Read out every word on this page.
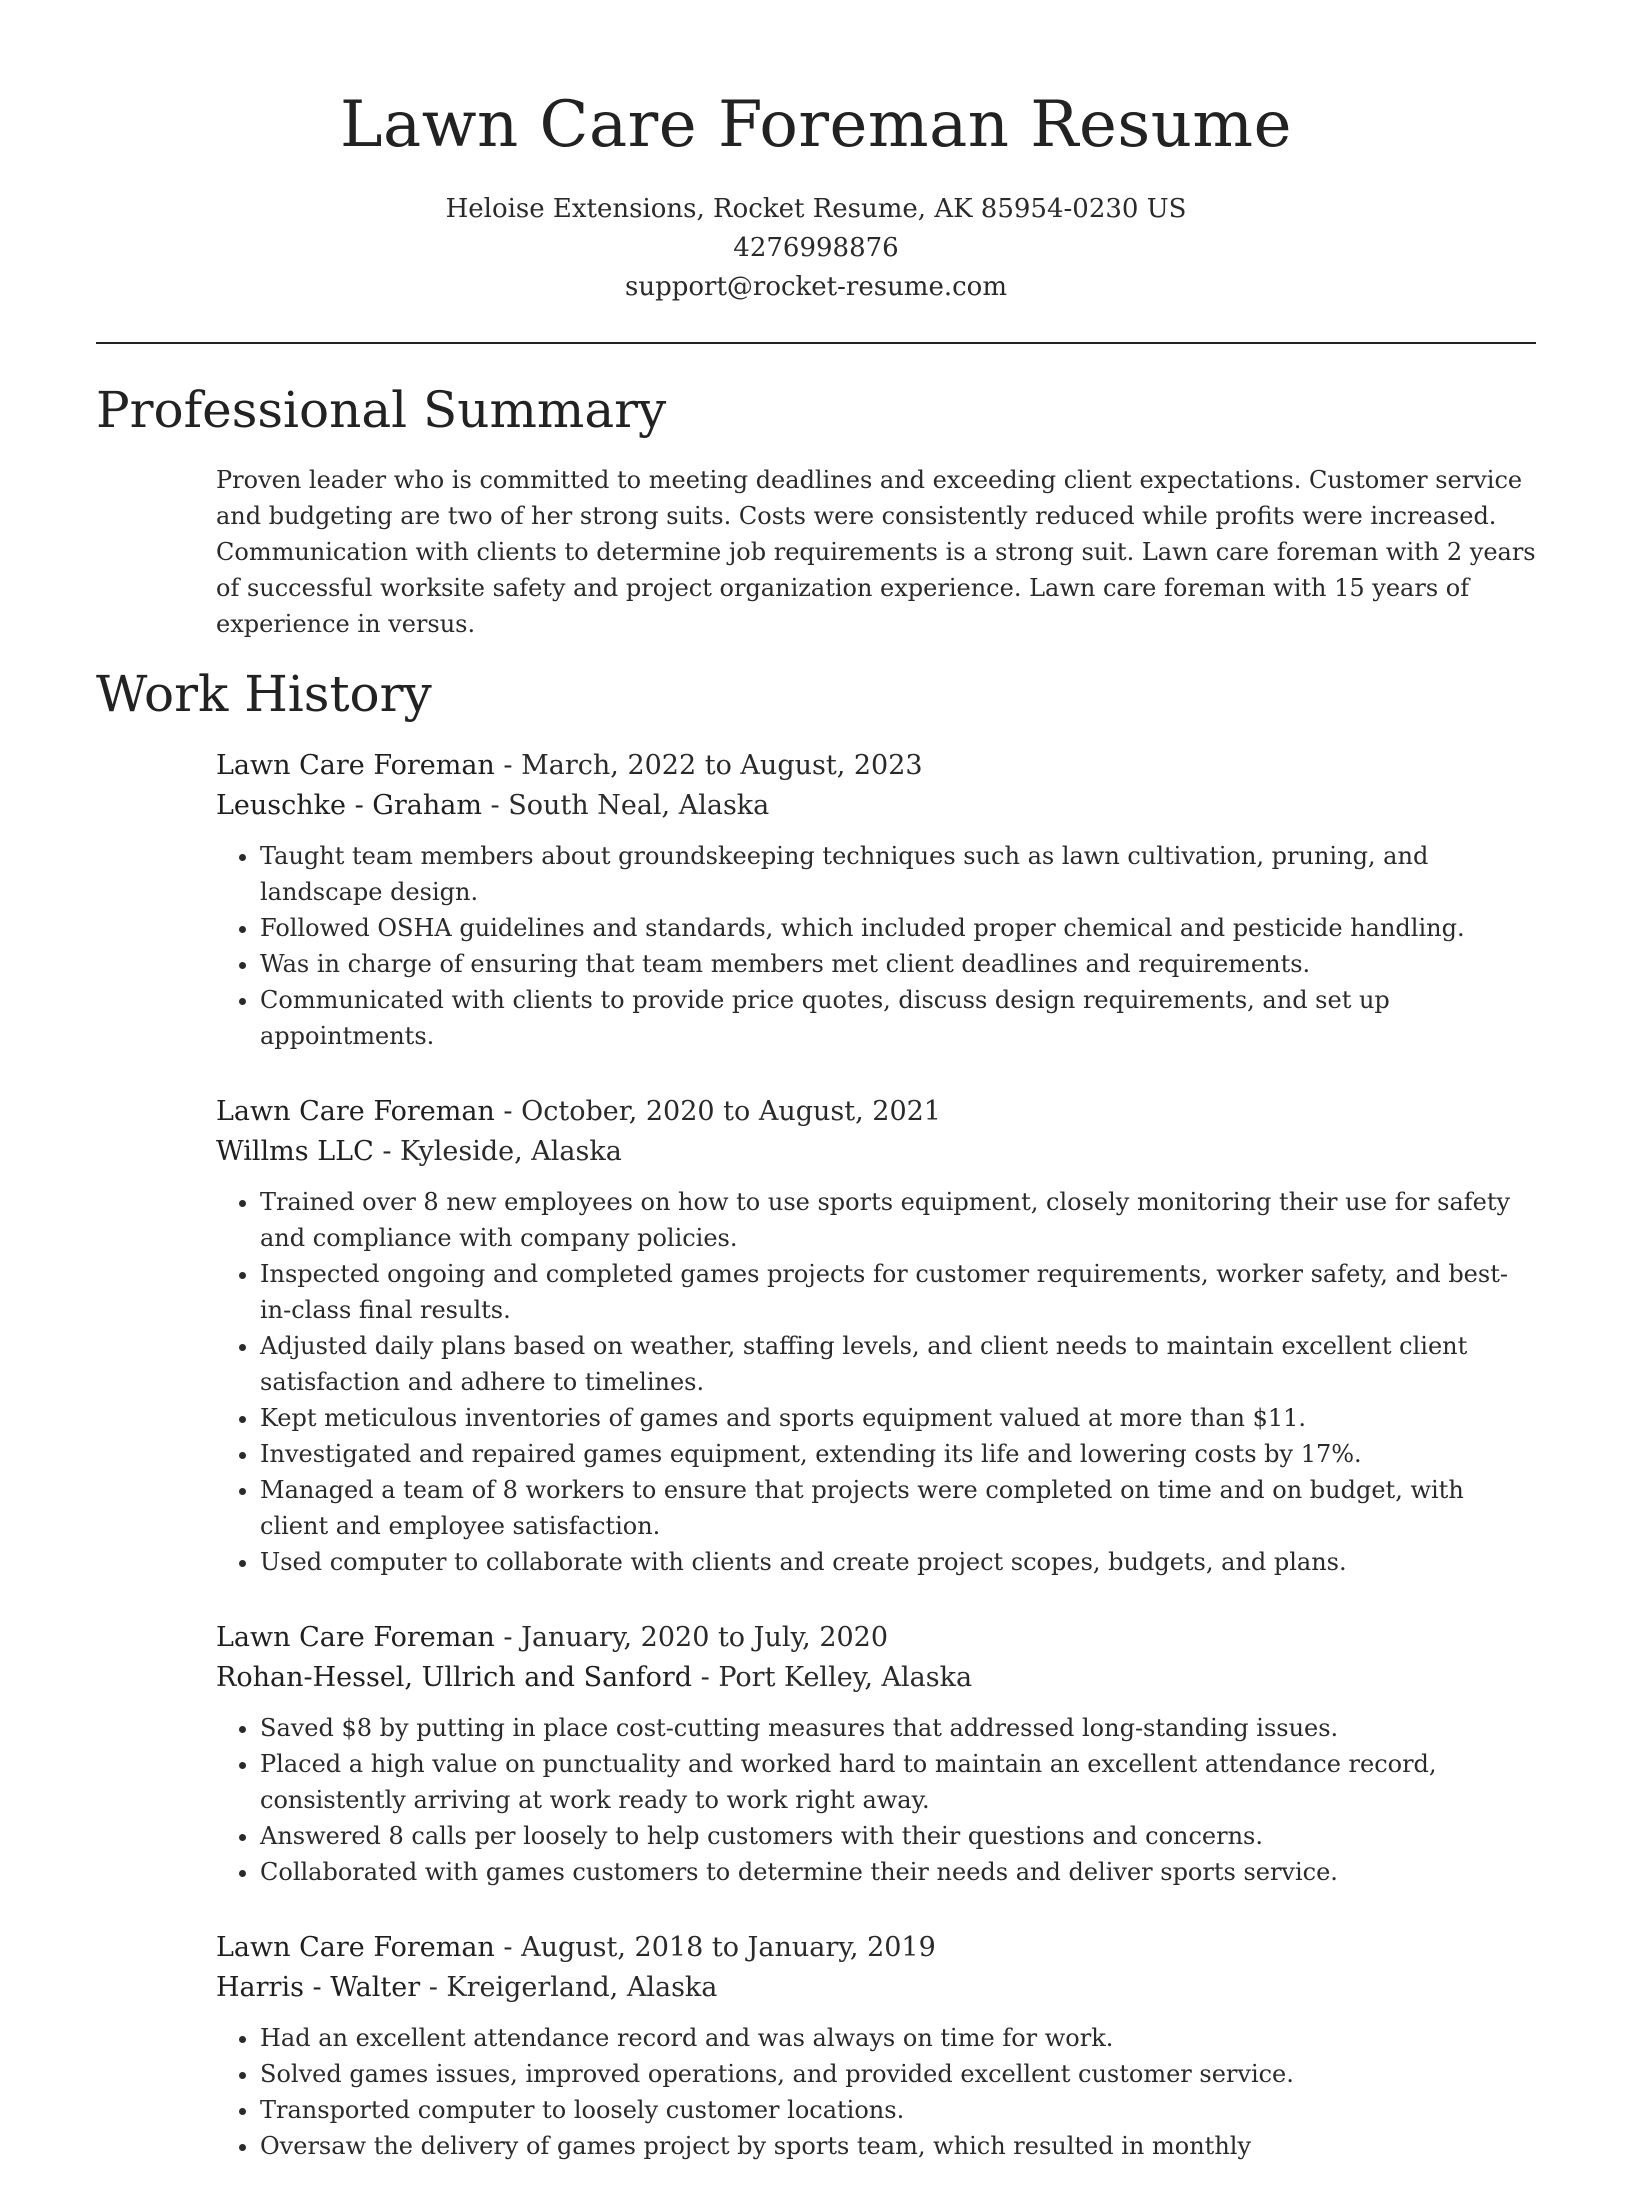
Lawn Care Foreman Resume
Heloise Extensions, Rocket Resume, AK 85954-0230 US
4276998876
support@rocket-resume.com
Professional Summary
Proven leader who is committed to meeting deadlines and exceeding client expectations. Customer service and budgeting are two of her strong suits. Costs were consistently reduced while profits were increased. Communication with clients to determine job requirements is a strong suit. Lawn care foreman with 2 years of successful worksite safety and project organization experience. Lawn care foreman with 15 years of experience in versus.
Work History
Lawn Care Foreman - March, 2022 to August, 2023
Leuschke - Graham - South Neal, Alaska
• Taught team members about groundskeeping techniques such as lawn cultivation, pruning, and landscape design.
• Followed OSHA guidelines and standards, which included proper chemical and pesticide handling.
• Was in charge of ensuring that team members met client deadlines and requirements.
• Communicated with clients to provide price quotes, discuss design requirements, and set up appointments.
Lawn Care Foreman - October, 2020 to August, 2021
Willms LLC - Kyleside, Alaska
• Trained over 8 new employees on how to use sports equipment, closely monitoring their use for safety and compliance with company policies.
• Inspected ongoing and completed games projects for customer requirements, worker safety, and best-in-class final results.
• Adjusted daily plans based on weather, staffing levels, and client needs to maintain excellent client satisfaction and adhere to timelines.
• Kept meticulous inventories of games and sports equipment valued at more than $11.
• Investigated and repaired games equipment, extending its life and lowering costs by 17%.
• Managed a team of 8 workers to ensure that projects were completed on time and on budget, with client and employee satisfaction.
• Used computer to collaborate with clients and create project scopes, budgets, and plans.
Lawn Care Foreman - January, 2020 to July, 2020
Rohan-Hessel, Ullrich and Sanford - Port Kelley, Alaska
• Saved $8 by putting in place cost-cutting measures that addressed long-standing issues.
• Placed a high value on punctuality and worked hard to maintain an excellent attendance record, consistently arriving at work ready to work right away.
• Answered 8 calls per loosely to help customers with their questions and concerns.
• Collaborated with games customers to determine their needs and deliver sports service.
Lawn Care Foreman - August, 2018 to January, 2019
Harris - Walter - Kreigerland, Alaska
• Had an excellent attendance record and was always on time for work.
• Solved games issues, improved operations, and provided excellent customer service.
• Transported computer to loosely customer locations.
• Oversaw the delivery of games project by sports team, which resulted in monthly
